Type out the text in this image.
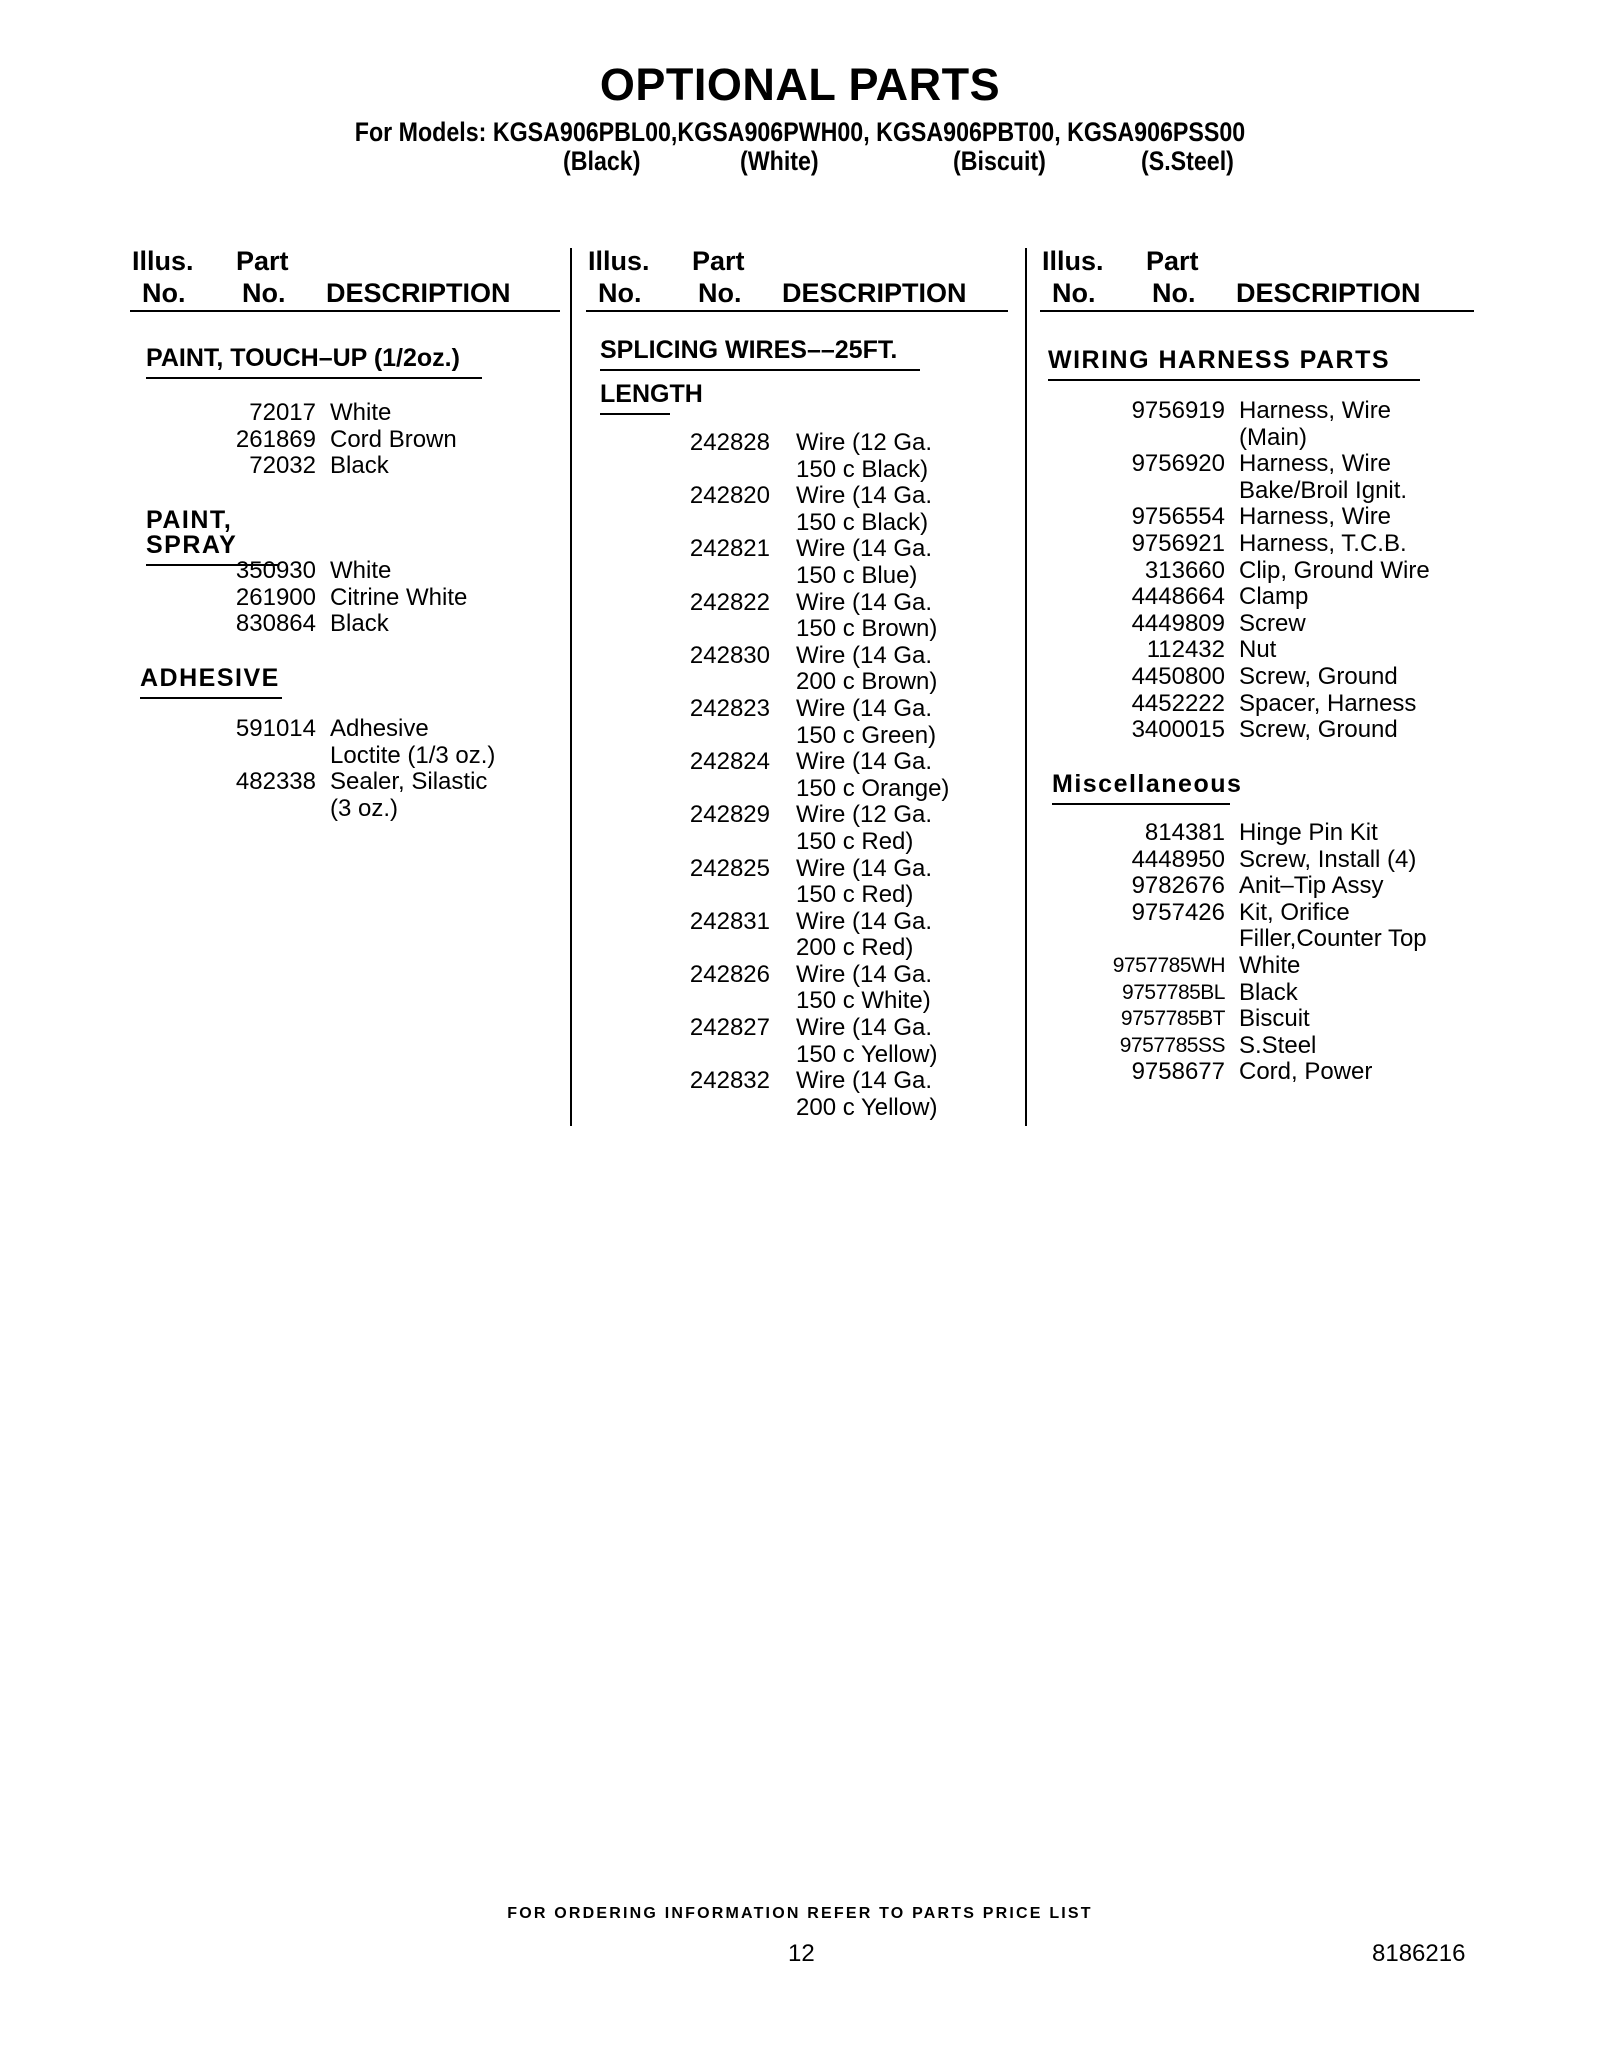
OPTIONAL PARTS
For Models: KGSA906PBL00,KGSA906PWH00, KGSA906PBT00, KGSA906PSS00
(Black)	(White)	(Biscuit)	(S.Steel)
Illus.
No.
Part
No. DESCRIPTION
PAINT, TOUCH–UP (1/2oz.)
72017 White
261869 Cord Brown
72032 Black
PAINT, SPRAY
350930 White
261900 Citrine White
830864 Black
ADHESIVE
591014 Adhesive
Loctite (1/3 oz.)
482338 Sealer, Silastic
(3 oz.)
Illus.
No.
Part
No. DESCRIPTION
SPLICING WIRES––25FT.
LENGTH
242828 Wire (12 Ga.
150 c Black)
242820 Wire (14 Ga.
150 c Black)
242821 Wire (14 Ga.
150 c Blue)
242822 Wire (14 Ga.
150 c Brown)
242830 Wire (14 Ga.
200 c Brown)
242823 Wire (14 Ga.
150 c Green)
242824 Wire (14 Ga.
150 c Orange)
242829 Wire (12 Ga.
150 c Red)
242825 Wire (14 Ga.
150 c Red)
242831 Wire (14 Ga.
200 c Red)
242826 Wire (14 Ga.
150 c White)
242827 Wire (14 Ga.
150 c Yellow)
242832 Wire (14 Ga.
200 c Yellow)
Illus.
No.
Part
No. DESCRIPTION
WIRING HARNESS PARTS
9756919 Harness, Wire
(Main)
9756920 Harness, Wire
Bake/Broil Ignit.
9756554 Harness, Wire
9756921 Harness, T.C.B.
313660 Clip, Ground Wire
4448664 Clamp
4449809 Screw
112432 Nut
4450800 Screw, Ground
4452222 Spacer, Harness
3400015 Screw, Ground
Miscellaneous
814381 Hinge Pin Kit
4448950 Screw, Install (4)
9782676 Anit–Tip Assy
9757426 Kit, Orifice
Filler,Counter Top
9757785WH White
9757785BL Black
9757785BT Biscuit
9757785SS S.Steel
9758677 Cord, Power
FOR ORDERING INFORMATION REFER TO PARTS PRICE LIST
12	8186216
